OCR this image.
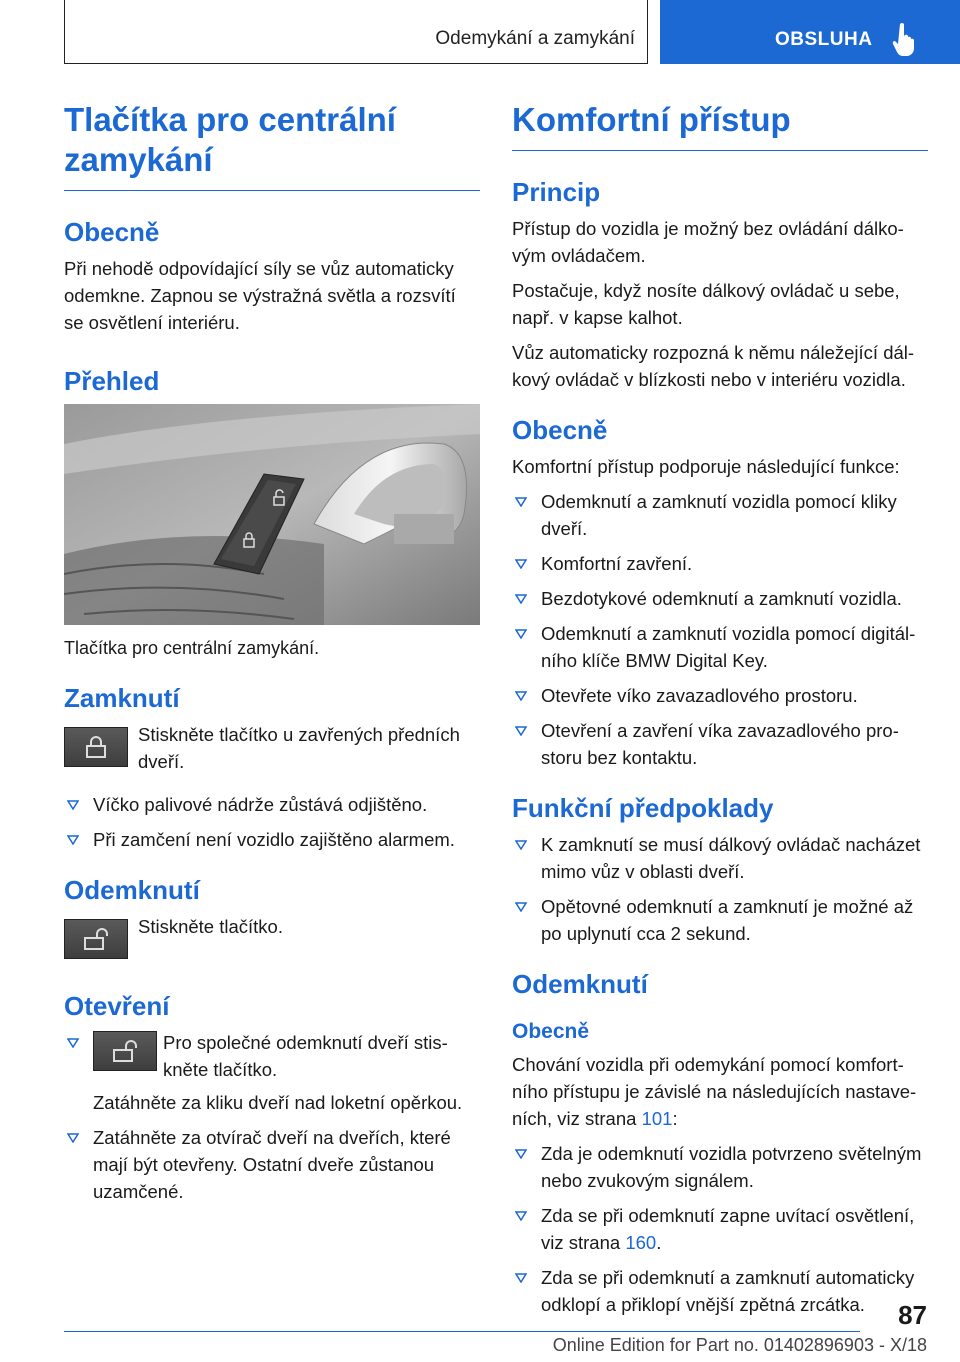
Odemykání a zamykání	OBSLUHA
Tlačítka pro centrální zamykání
Obecně

Při nehodě odpovídající síly se vůz automaticky odemkne. Zapnou se výstražná světla a rozsvítí se osvětlení interiéru.

Přehled

Tlačítka pro centrální zamykání.

Zamknutí
Stiskněte tlačítko u zavřených předních dveří.
Víčko palivové nádrže zůstává odjištěno.
Při zamčení není vozidlo zajištěno alarmem.
Odemknutí
Stiskněte tlačítko.
Otevření
Pro společné odemknutí dveří stiskněte tlačítko.
Zatáhněte za kliku dveří nad loketní opěrkou.
Zatáhněte za otvírač dveří na dveřích, které mají být otevřeny. Ostatní dveře zůstanou uzamčené.
Komfortní přístup
Princip

Přístup do vozidla je možný bez ovládání dálkovým ovládačem.

Postačuje, když nosíte dálkový ovládač u sebe, např. v kapse kalhot.

Vůz automaticky rozpozná k němu náležející dálkový ovládač v blízkosti nebo v interiéru vozidla.

Obecně

Komfortní přístup podporuje následující funkce:

Odemknutí a zamknutí vozidla pomocí kliky dveří.
Komfortní zavření.
Bezdotykové odemknutí a zamknutí vozidla.
Odemknutí a zamknutí vozidla pomocí digitálního klíče BMW Digital Key.
Otevřete víko zavazadlového prostoru.
Otevření a zavření víka zavazadlového prostoru bez kontaktu.
Funkční předpoklady
K zamknutí se musí dálkový ovládač nacházet mimo vůz v oblasti dveří.
Opětovné odemknutí a zamknutí je možné až po uplynutí cca 2 sekund.
Odemknutí
Obecně

Chování vozidla při odemykání pomocí komfortního přístupu je závislé na následujících nastaveních, viz strana 101:

Zda je odemknutí vozidla potvrzeno světelným nebo zvukovým signálem.
Zda se při odemknutí zapne uvítací osvětlení, viz strana 160.
Zda se při odemknutí a zamknutí automaticky odklopí a přiklopí vnější zpětná zrcátka.	87
Online Edition for Part no. 01402896903 - X/18
